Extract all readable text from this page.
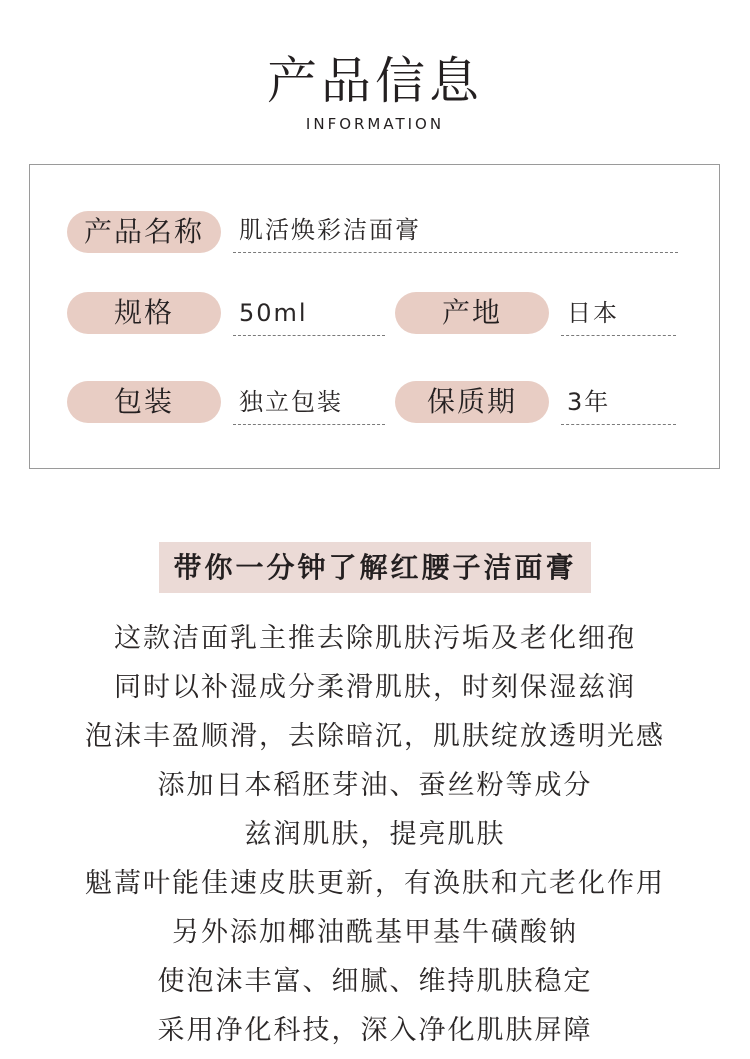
产品信息
INFORMATION
产品名称	肌活焕彩洁面膏
规格	50ml	产地	日本
包装	独立包装	保质期	3年
带你一分钟了解红腰子洁面膏
这款洁面乳主推去除肌肤污垢及老化细孢
同时以补湿成分柔滑肌肤，时刻保湿兹润
泡沫丰盈顺滑，去除暗沉，肌肤绽放透明光感
添加日本稻胚芽油、蚕丝粉等成分
兹润肌肤，提亮肌肤
魁蒿叶能佳速皮肤更新，有涣肤和亢老化作用
另外添加椰油酰基甲基牛磺酸钠
使泡沫丰富、细腻、维持肌肤稳定
采用净化科技，深入净化肌肤屏障
